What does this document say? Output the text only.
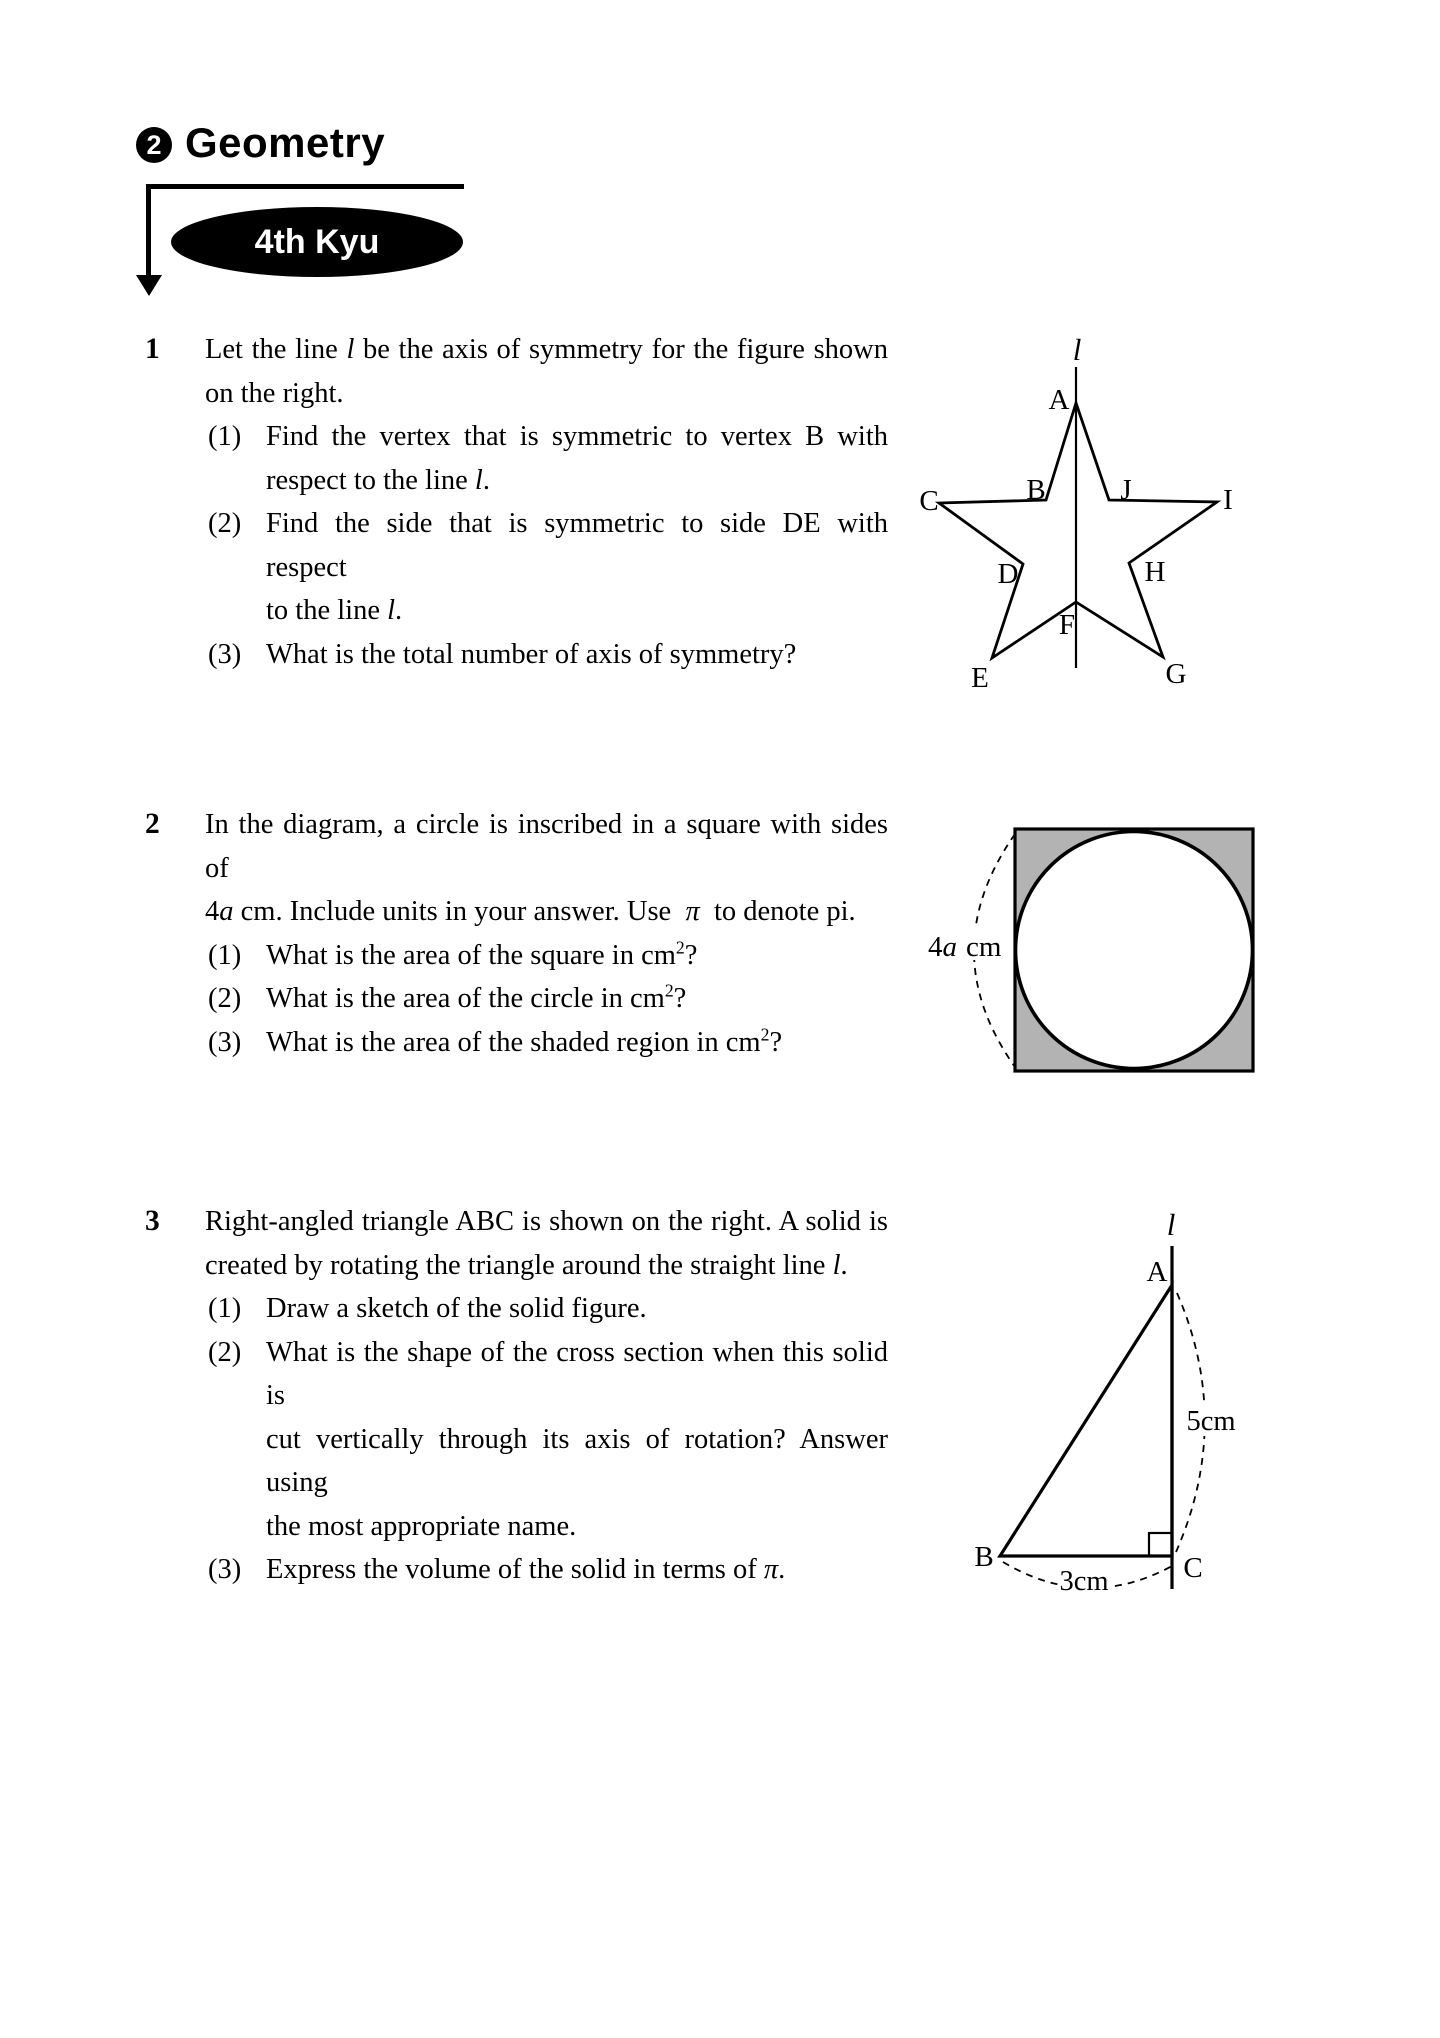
2 Geometry
4th Kyu
1	Let the line l be the axis of symmetry for the figure shown
on the right.
(1) Find the vertex that is symmetric to vertex B with
respect to the line l.
(2) Find the side that is symmetric to side DE with respect
to the line l.
(3) What is the total number of axis of symmetry?
l
A
B	J
C	I
D	H
F
E	G
2	In the diagram, a circle is inscribed in a square with sides of
4a cm. Include units in your answer. Use  π  to denote pi.
(1) What is the area of the square in $cm^2$?
(2) What is the area of the circle in $cm^2$?
(3) What is the area of the shaded region in $cm^2$?
4a cm
3	Right-angled triangle ABC is shown on the right. A solid is
created by rotating the triangle around the straight line l.
(1) Draw a sketch of the solid figure.
(2) What is the shape of the cross section when this solid is
cut vertically through its axis of rotation? Answer using
the most appropriate name.
(3) Express the volume of the solid in terms of π.
5cm
3cm
l
A
B	C
